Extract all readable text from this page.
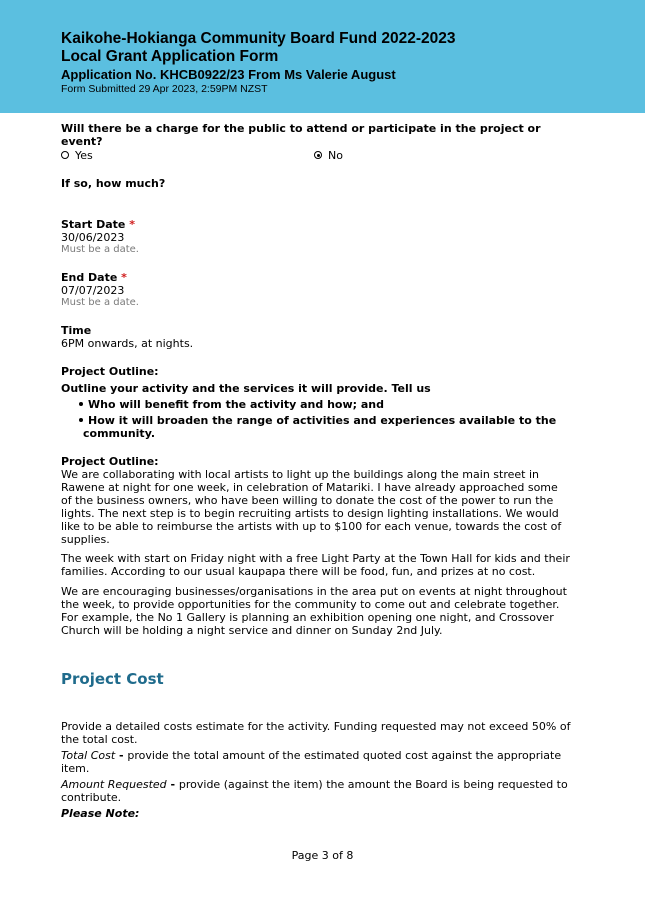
Kaikohe-Hokianga Community Board Fund 2022-2023
Local Grant Application Form
Application No. KHCB0922/23 From Ms Valerie August
Form Submitted 29 Apr 2023, 2:59PM NZST
Will there be a charge for the public to attend or participate in the project or
event?
Yes	No
If so, how much?
Start Date *
30/06/2023
Must be a date.
End Date *
07/07/2023
Must be a date.
Time
6PM onwards, at nights.
Project Outline:
Outline your activity and the services it will provide. Tell us
Who will benefit from the activity and how; and
How it will broaden the range of activities and experiences available to the
community.
Project Outline:
We are collaborating with local artists to light up the buildings along the main street in
Rawene at night for one week, in celebration of Matariki. I have already approached some
of the business owners, who have been willing to donate the cost of the power to run the
lights. The next step is to begin recruiting artists to design lighting installations. We would
like to be able to reimburse the artists with up to $100 for each venue, towards the cost of
supplies.
The week with start on Friday night with a free Light Party at the Town Hall for kids and their
families. According to our usual kaupapa there will be food, fun, and prizes at no cost.
We are encouraging businesses/organisations in the area put on events at night throughout
the week, to provide opportunities for the community to come out and celebrate together.
For example, the No 1 Gallery is planning an exhibition opening one night, and Crossover
Church will be holding a night service and dinner on Sunday 2nd July.
Project Cost
Provide a detailed costs estimate for the activity. Funding requested may not exceed 50% of
the total cost.
Total Cost - provide the total amount of the estimated quoted cost against the appropriate
item.
Amount Requested - provide (against the item) the amount the Board is being requested to
contribute.
Please Note:
Page 3 of 8
